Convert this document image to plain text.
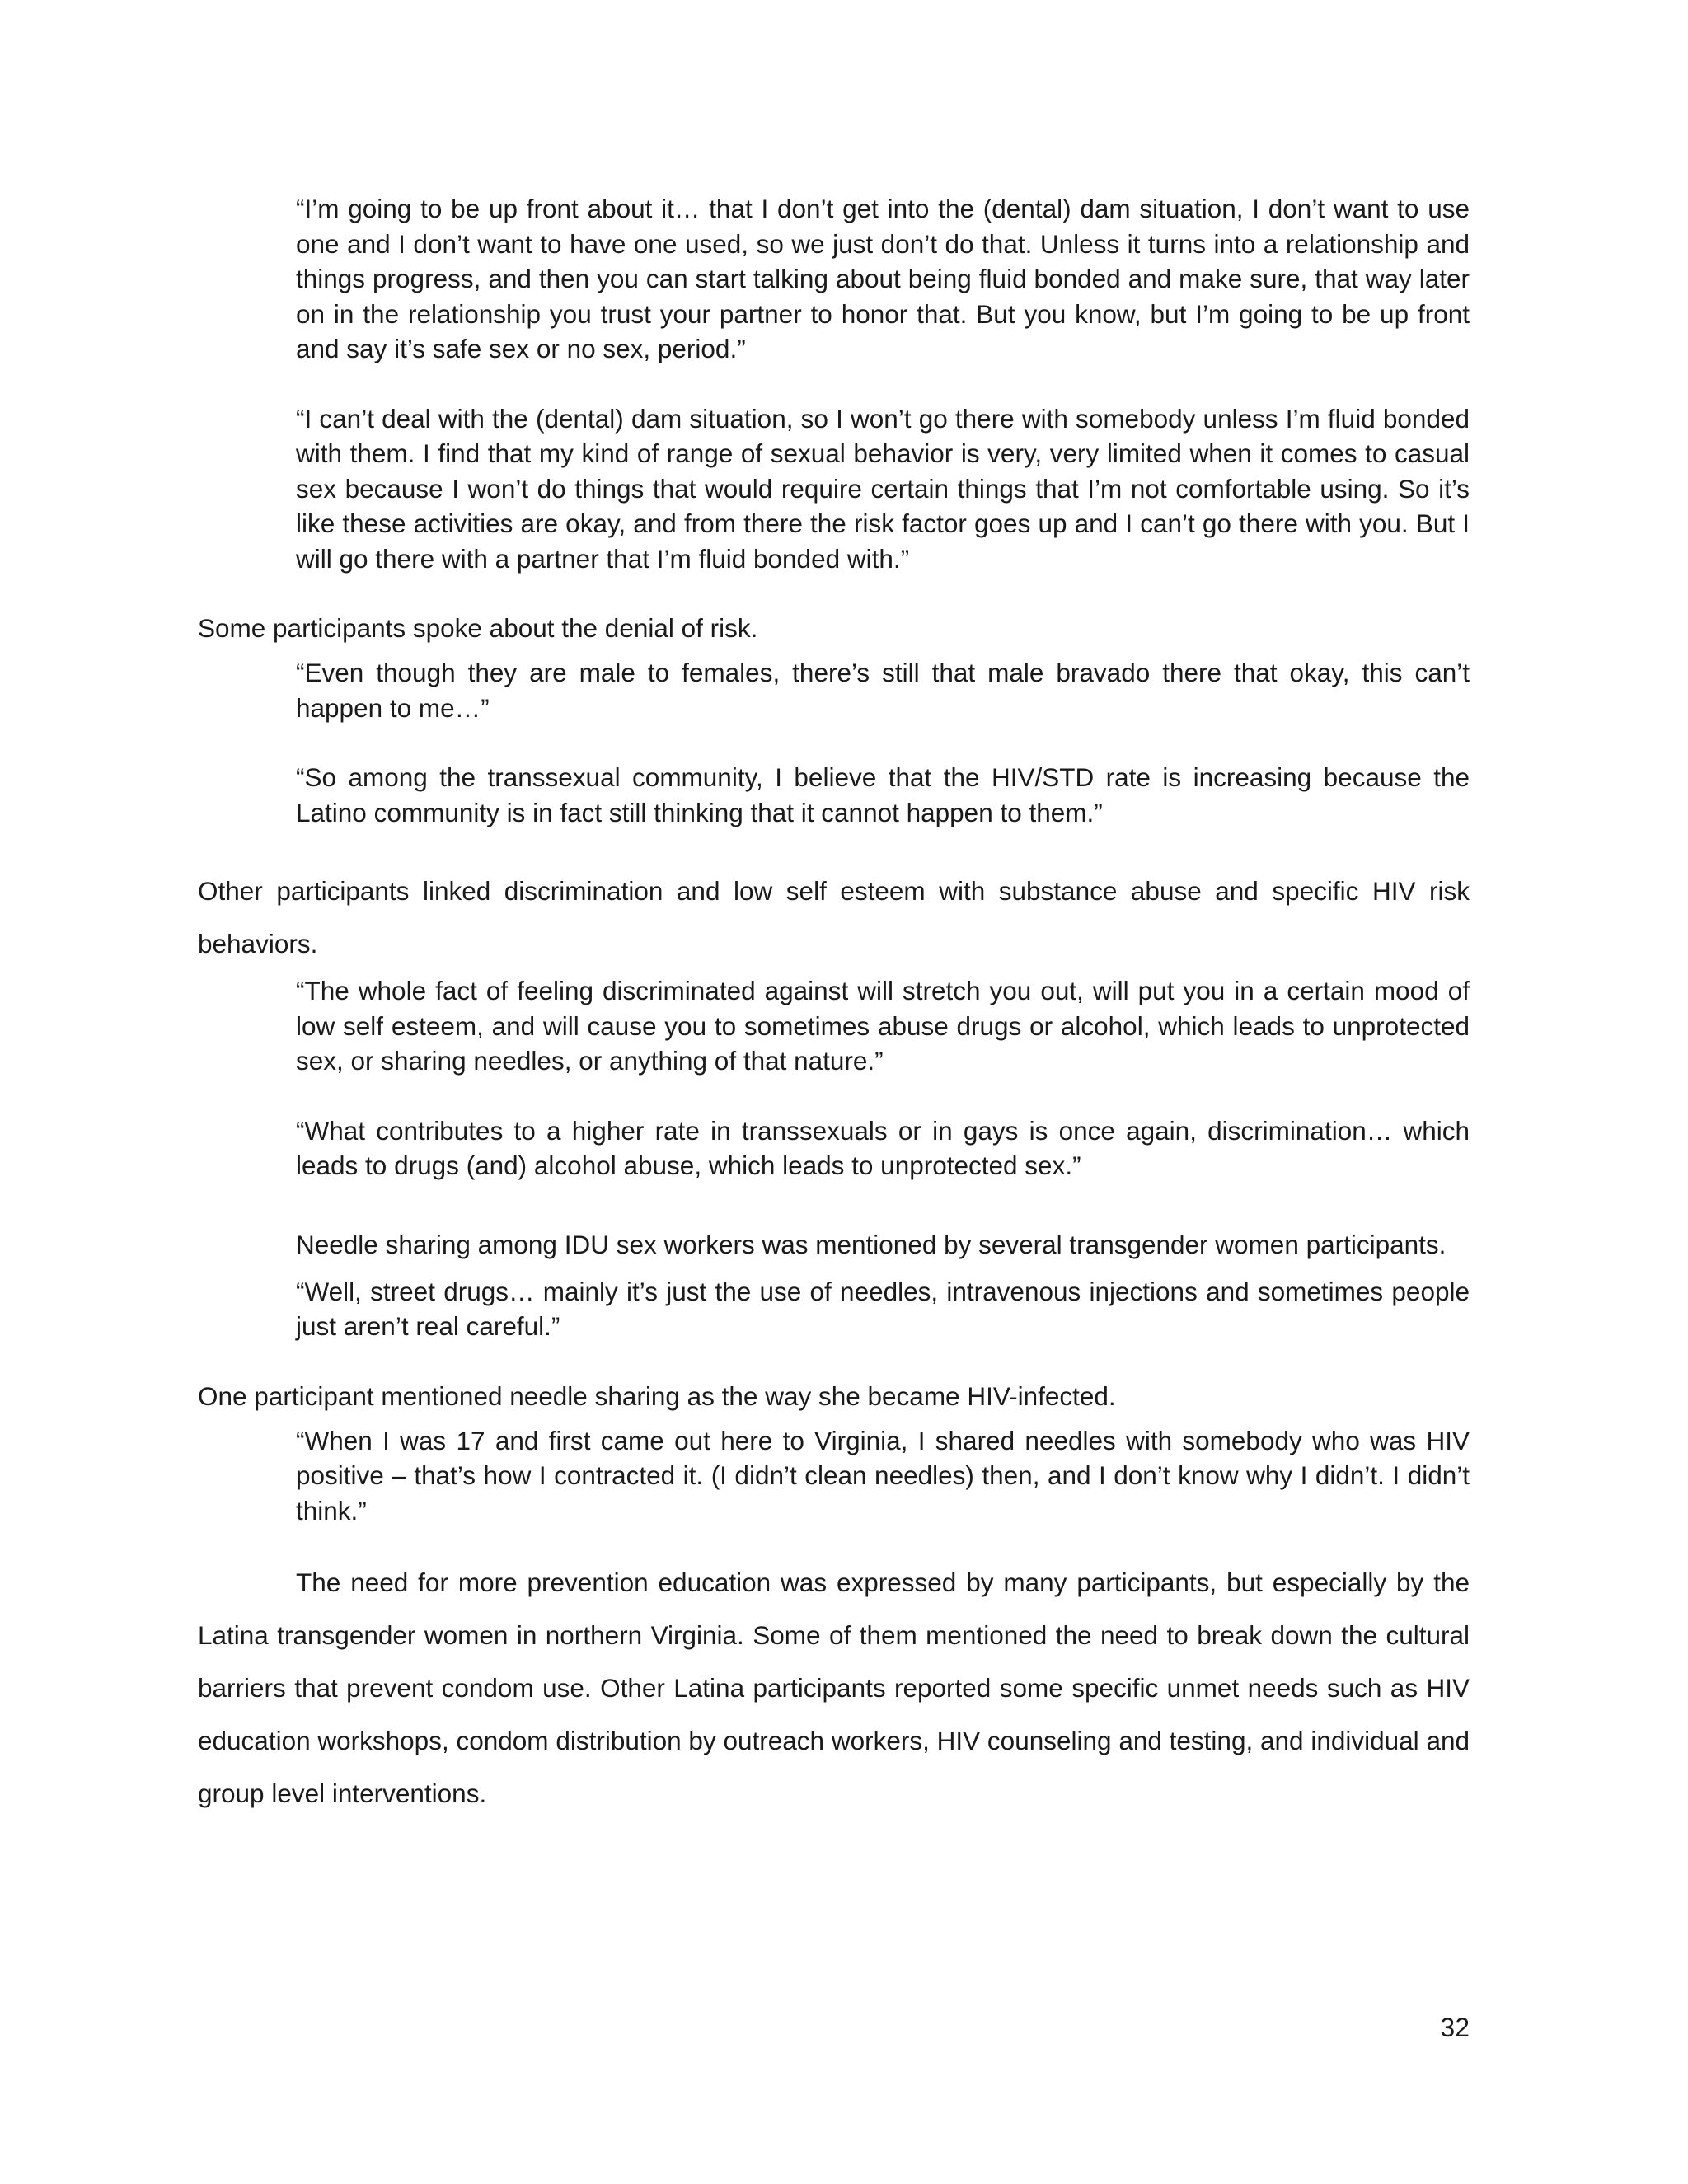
“I’m going to be up front about it… that I don’t get into the (dental) dam situation, I don’t want to use one and I don’t want to have one used, so we just don’t do that. Unless it turns into a relationship and things progress, and then you can start talking about being fluid bonded and make sure, that way later on in the relationship you trust your partner to honor that. But you know, but I’m going to be up front and say it’s safe sex or no sex, period.”

“I can’t deal with the (dental) dam situation, so I won’t go there with somebody unless I’m fluid bonded with them. I find that my kind of range of sexual behavior is very, very limited when it comes to casual sex because I won’t do things that would require certain things that I’m not comfortable using. So it’s like these activities are okay, and from there the risk factor goes up and I can’t go there with you. But I will go there with a partner that I’m fluid bonded with.”

Some participants spoke about the denial of risk.

“Even though they are male to females, there’s still that male bravado there that okay, this can’t happen to me…”

“So among the transsexual community, I believe that the HIV/STD rate is increasing because the Latino community is in fact still thinking that it cannot happen to them.”

Other participants linked discrimination and low self esteem with substance abuse and specific HIV risk behaviors.

“The whole fact of feeling discriminated against will stretch you out, will put you in a certain mood of low self esteem, and will cause you to sometimes abuse drugs or alcohol, which leads to unprotected sex, or sharing needles, or anything of that nature.”

“What contributes to a higher rate in transsexuals or in gays is once again, discrimination… which leads to drugs (and) alcohol abuse, which leads to unprotected sex.”

Needle sharing among IDU sex workers was mentioned by several transgender women participants.

“Well, street drugs… mainly it’s just the use of needles, intravenous injections and sometimes people just aren’t real careful.”

One participant mentioned needle sharing as the way she became HIV-infected.

“When I was 17 and first came out here to Virginia, I shared needles with somebody who was HIV positive – that’s how I contracted it. (I didn’t clean needles) then, and I don’t know why I didn’t. I didn’t think.”

The need for more prevention education was expressed by many participants, but especially by the Latina transgender women in northern Virginia. Some of them mentioned the need to break down the cultural barriers that prevent condom use. Other Latina participants reported some specific unmet needs such as HIV education workshops, condom distribution by outreach workers, HIV counseling and testing, and individual and group level interventions.

32
